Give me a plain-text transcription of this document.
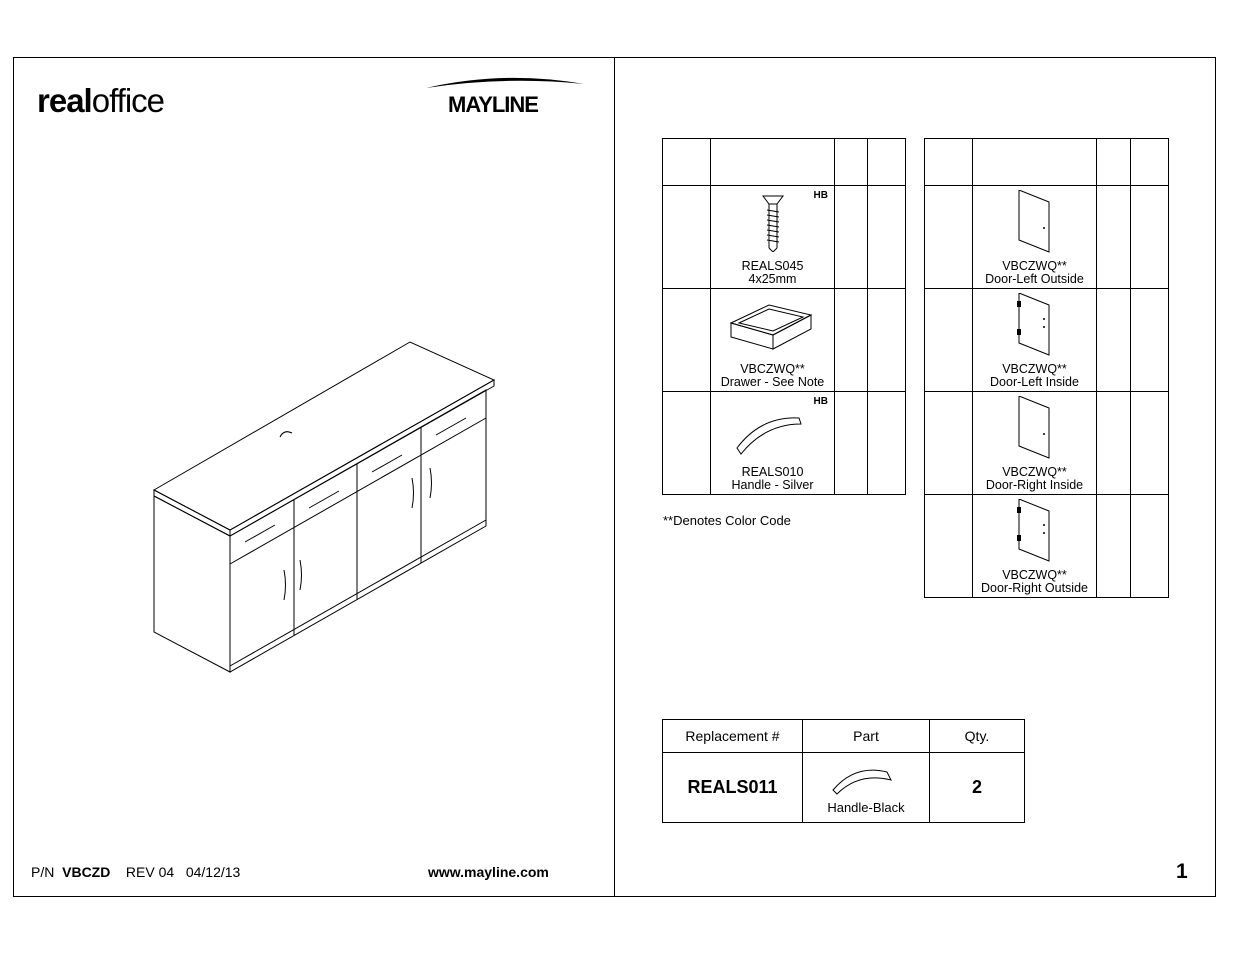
realoffice	MAYLINE
P/N VBCZD REV 04 04/12/13	www.mayline.com	1

	HB
REALS045
4x25mm		

	VBCZWQ**
Drawer - See Note		

	HB
REALS010
Handle - Silver		

**Denotes Color Code

	VBCZWQ**
Door-Left Outside		

	VBCZWQ**
Door-Left Inside		

	VBCZWQ**
Door-Right Inside		

	VBCZWQ**
Door-Right Outside		

Replacement #	Part	Qty.
REALS011	Handle-Black	2
